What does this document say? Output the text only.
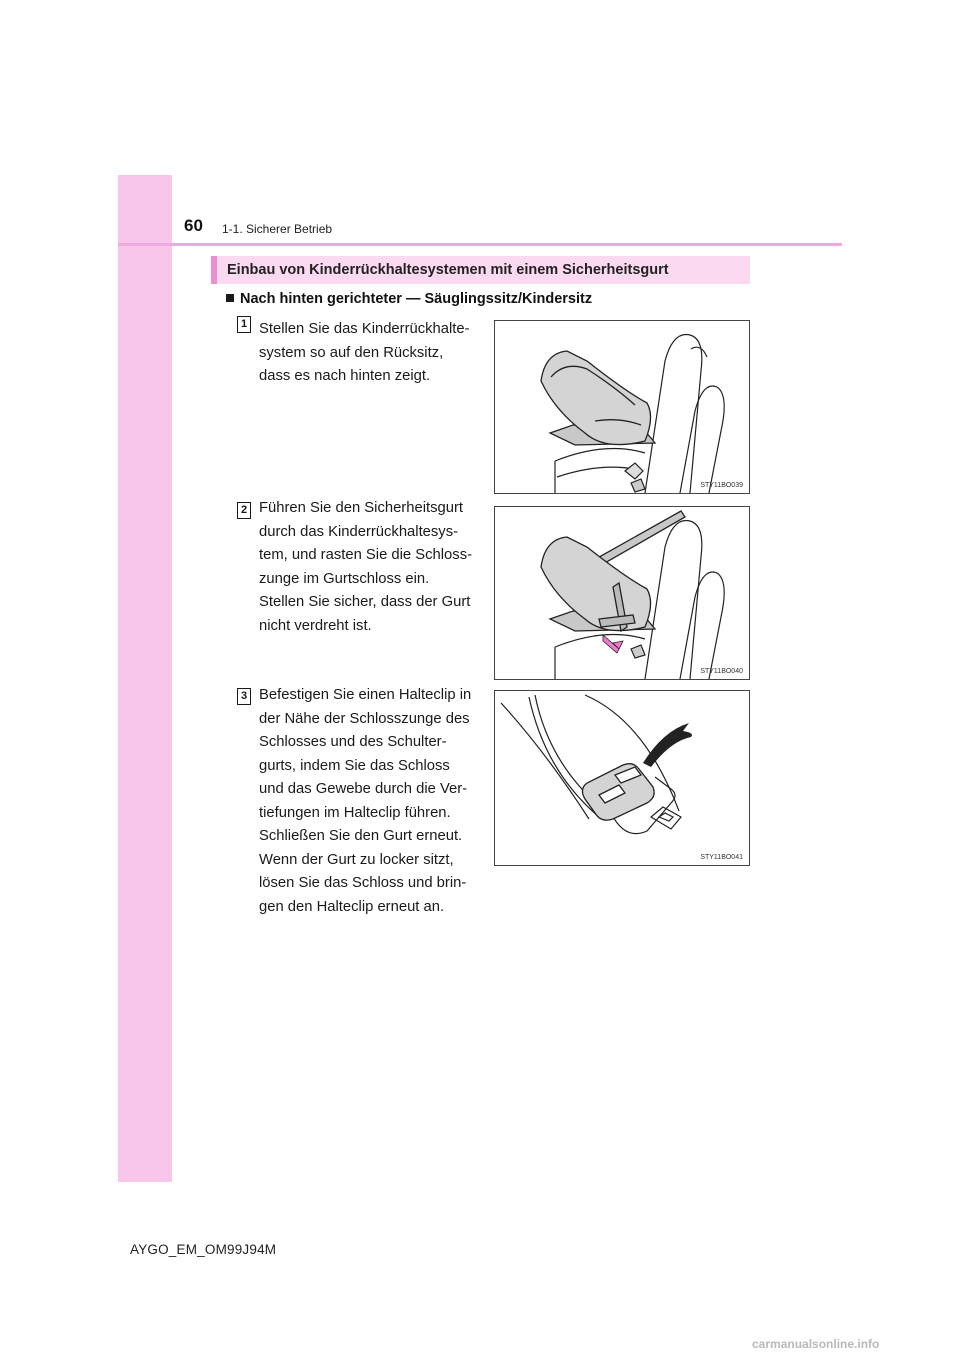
60 1-1. Sicherer Betrieb
Einbau von Kinderrückhaltesystemen mit einem Sicherheitsgurt
Nach hinten gerichteter — Säuglingssitz/Kindersitz
1 Stellen Sie das Kinderrückhalte-
system so auf den Rücksitz,
dass es nach hinten zeigt.
STY11BO039
2 Führen Sie den Sicherheitsgurt
durch das Kinderrückhaltesys-
tem, und rasten Sie die Schloss-
zunge im Gurtschloss ein.
Stellen Sie sicher, dass der Gurt
nicht verdreht ist.
STY11BO040
3 Befestigen Sie einen Halteclip in
der Nähe der Schlosszunge des
Schlosses und des Schulter-
gurts, indem Sie das Schloss
und das Gewebe durch die Ver-
tiefungen im Halteclip führen.
Schließen Sie den Gurt erneut.
Wenn der Gurt zu locker sitzt,
lösen Sie das Schloss und brin-
gen den Halteclip erneut an.
STY11BO041
AYGO_EM_OM99J94M
carmanualsonline.info
